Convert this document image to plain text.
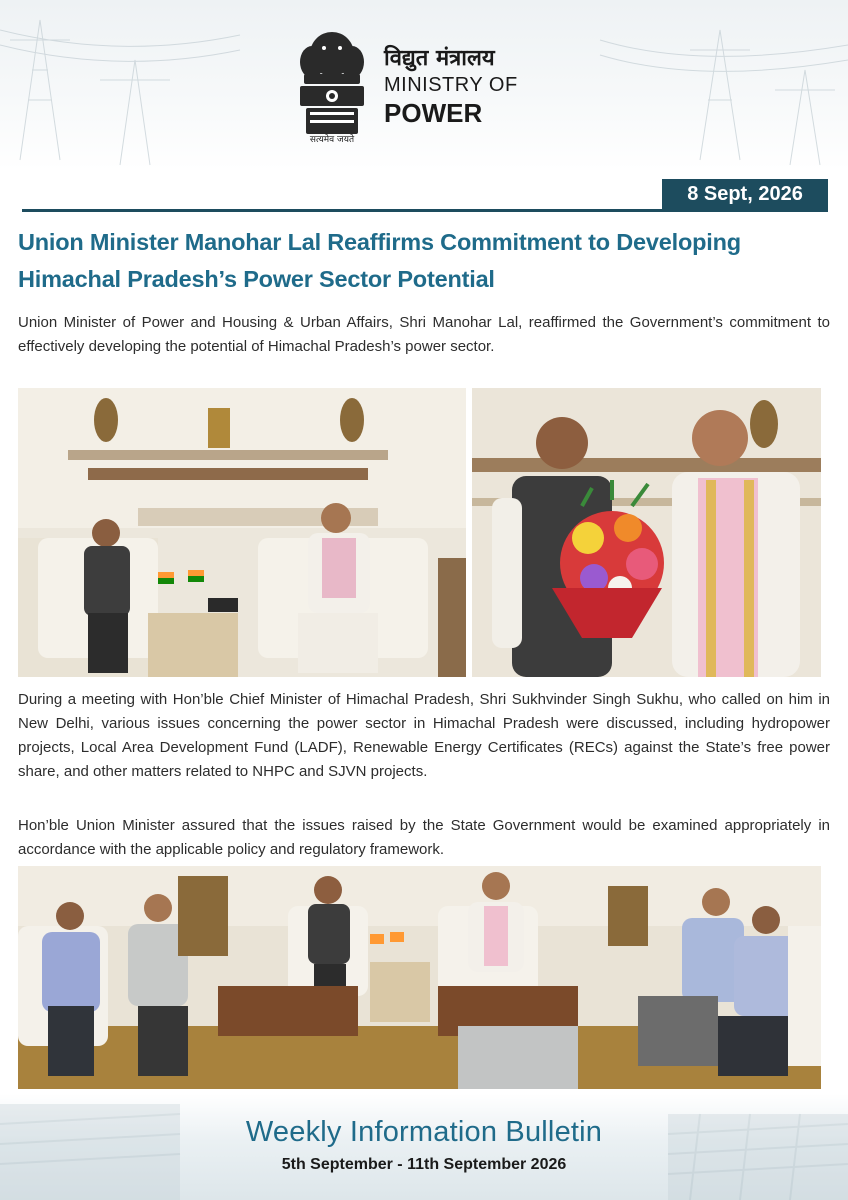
सत्यमेव जयते
विद्युत मंत्रालय
MINISTRY OF
POWER
8 Sept, 2026
Union Minister Manohar Lal Reaffirms Commitment to Developing Himachal Pradesh’s Power Sector Potential

Union Minister of Power and Housing & Urban Affairs, Shri Manohar Lal, reaffirmed the Government’s commitment to effectively developing the potential of Himachal Pradesh’s power sector.

During a meeting with Hon’ble Chief Minister of Himachal Pradesh, Shri Sukhvinder Singh Sukhu, who called on him in New Delhi, various issues concerning the power sector in Himachal Pradesh were discussed, including hydropower projects, Local Area Development Fund (LADF), Renewable Energy Certificates (RECs) against the State’s free power share, and other matters related to NHPC and SJVN projects.

Hon’ble Union Minister assured that the issues raised by the State Government would be examined appropriately in accordance with the applicable policy and regulatory framework.

Weekly Information Bulletin
5th September - 11th September 2026
